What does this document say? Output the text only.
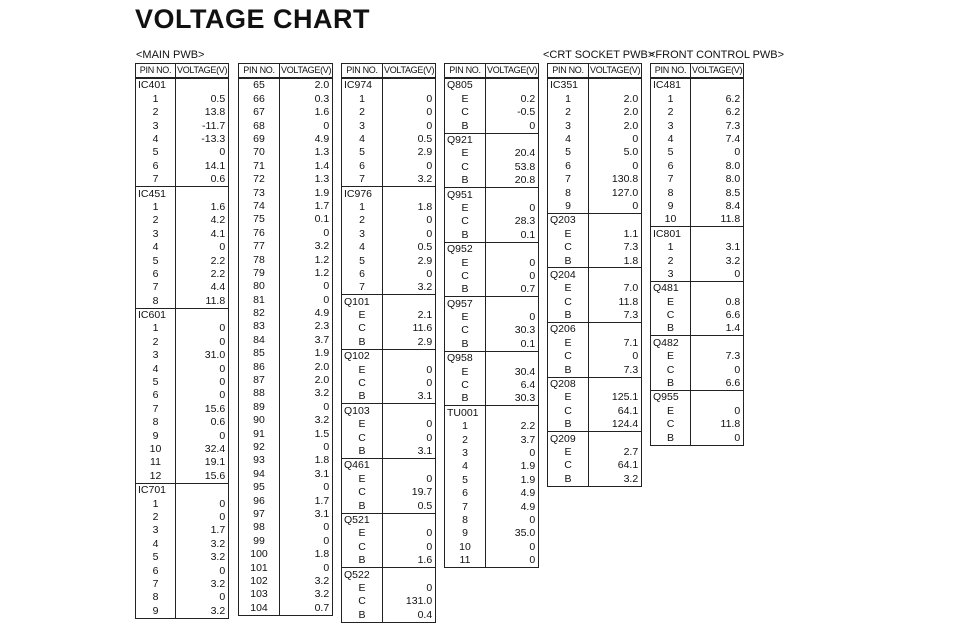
VOLTAGE CHART
<MAIN PWB>	<CRT SOCKET PWB>
<FRONT CONTROL PWB>
PIN NO.	VOLTAGE(V)
IC401	
1	0.5
2	13.8
3	-11.7
4	-13.3
5	0
6	14.1
7	0.6
IC451	
1	1.6
2	4.2
3	4.1
4	0
5	2.2
6	2.2
7	4.4
8	11.8
IC601	
1	0
2	0
3	31.0
4	0
5	0
6	0
7	15.6
8	0.6
9	0
10	32.4
11	19.1
12	15.6
IC701	
1	0
2	0
3	1.7
4	3.2
5	3.2
6	0
7	3.2
8	0
9	3.2
PIN NO.	VOLTAGE(V)
65	2.0
66	0.3
67	1.6
68	0
69	4.9
70	1.3
71	1.4
72	1.3
73	1.9
74	1.7
75	0.1
76	0
77	3.2
78	1.2
79	1.2
80	0
81	0
82	4.9
83	2.3
84	3.7
85	1.9
86	2.0
87	2.0
88	3.2
89	0
90	3.2
91	1.5
92	0
93	1.8
94	3.1
95	0
96	1.7
97	3.1
98	0
99	0
100	1.8
101	0
102	3.2
103	3.2
104	0.7
PIN NO.	VOLTAGE(V)
IC974	
1	0
2	0
3	0
4	0.5
5	2.9
6	0
7	3.2
IC976	
1	1.8
2	0
3	0
4	0.5
5	2.9
6	0
7	3.2
Q101	
E	2.1
C	11.6
B	2.9
Q102	
E	0
C	0
B	3.1
Q103	
E	0
C	0
B	3.1
Q461	
E	0
C	19.7
B	0.5
Q521	
E	0
C	0
B	1.6
Q522	
E	0
C	131.0
B	0.4
PIN NO.	VOLTAGE(V)
Q805	
E	0.2
C	-0.5
B	0
Q921	
E	20.4
C	53.8
B	20.8
Q951	
E	0
C	28.3
B	0.1
Q952	
E	0
C	0
B	0.7
Q957	
E	0
C	30.3
B	0.1
Q958	
E	30.4
C	6.4
B	30.3
TU001	
1	2.2
2	3.7
3	0
4	1.9
5	1.9
6	4.9
7	4.9
8	0
9	35.0
10	0
11	0
PIN NO.	VOLTAGE(V)
IC351	
1	2.0
2	2.0
3	2.0
4	0
5	5.0
6	0
7	130.8
8	127.0
9	0
Q203	
E	1.1
C	7.3
B	1.8
Q204	
E	7.0
C	11.8
B	7.3
Q206	
E	7.1
C	0
B	7.3
Q208	
E	125.1
C	64.1
B	124.4
Q209	
E	2.7
C	64.1
B	3.2
PIN NO.	VOLTAGE(V)
IC481	
1	6.2
2	6.2
3	7.3
4	7.4
5	0
6	8.0
7	8.0
8	8.5
9	8.4
10	11.8
IC801	
1	3.1
2	3.2
3	0
Q481	
E	0.8
C	6.6
B	1.4
Q482	
E	7.3
C	0
B	6.6
Q955	
E	0
C	11.8
B	0
